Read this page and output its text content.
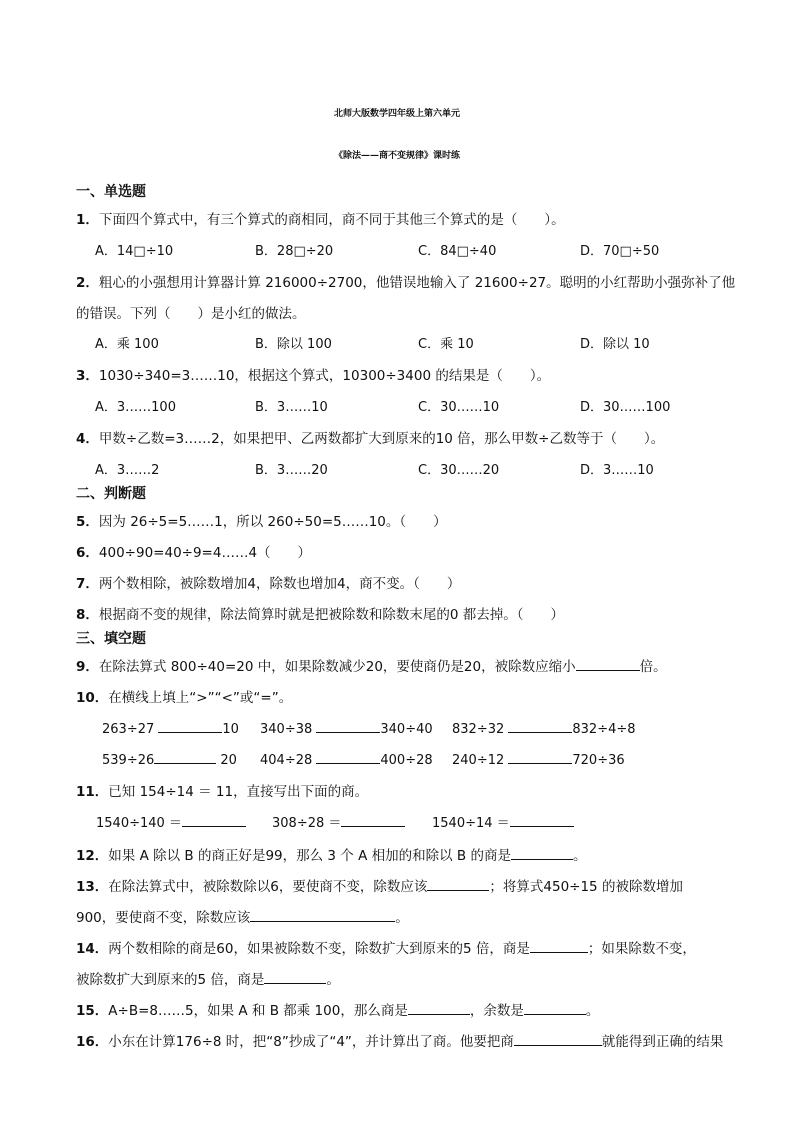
北师大版数学四年级上第六单元
《除法——商不变规律》课时练
一、单选题
1．下面四个算式中，有三个算式的商相同，商不同于其他三个算式的是（　　）。
A．14□÷10	B．28□÷20	C．84□÷40	D．70□÷50
2．粗心的小强想用计算器计算 216000÷2700，他错误地输入了 21600÷27。聪明的小红帮助小强弥补了他
的错误。下列（　　）是小红的做法。
A．乘 100	B．除以 100	C．乘 10	D．除以 10
3．1030÷340=3……10，根据这个算式，10300÷3400 的结果是（　　）。
A．3……100	B．3……10	C．30……10	D．30……100
4．甲数÷乙数=3……2，如果把甲、乙两数都扩大到原来的10 倍，那么甲数÷乙数等于（　　）。
A．3……2	B．3……20	C．30……20	D．3……10
二、判断题
5．因为 26÷5=5……1，所以 260÷50=5……10。（　　）
6．400÷90=40÷9=4……4（　　）
7．两个数相除，被除数增加4，除数也增加4，商不变。（　　）
8．根据商不变的规律，除法简算时就是把被除数和除数末尾的0 都去掉。（　　）
三、填空题
9．在除法算式 800÷40=20 中，如果除数减少20，要使商仍是20，被除数应缩小	倍。
10．在横线上填上“>”“<”或“=”。
263÷27	10 340÷38	340÷40 832÷32	832÷4÷8
539÷26	20 404÷28	400÷28 240÷12	720÷36
11．已知 154÷14 ＝ 11，直接写出下面的商。
1540÷140 ＝	308÷28 ＝	1540÷14 ＝
12．如果 A 除以 B 的商正好是99，那么 3 个 A 相加的和除以 B 的商是	。
13．在除法算式中，被除数除以6，要使商不变，除数应该	；将算式450÷15 的被除数增加
900，要使商不变，除数应该	。
14．两个数相除的商是60，如果被除数不变，除数扩大到原来的5 倍，商是	；如果除数不变，
被除数扩大到原来的5 倍，商是	。
15．A÷B=8……5，如果 A 和 B 都乘 100，那么商是	，余数是	。
16．小东在计算176÷8 时，把“8”抄成了“4”，并计算出了商。他要把商	就能得到正确的结果
